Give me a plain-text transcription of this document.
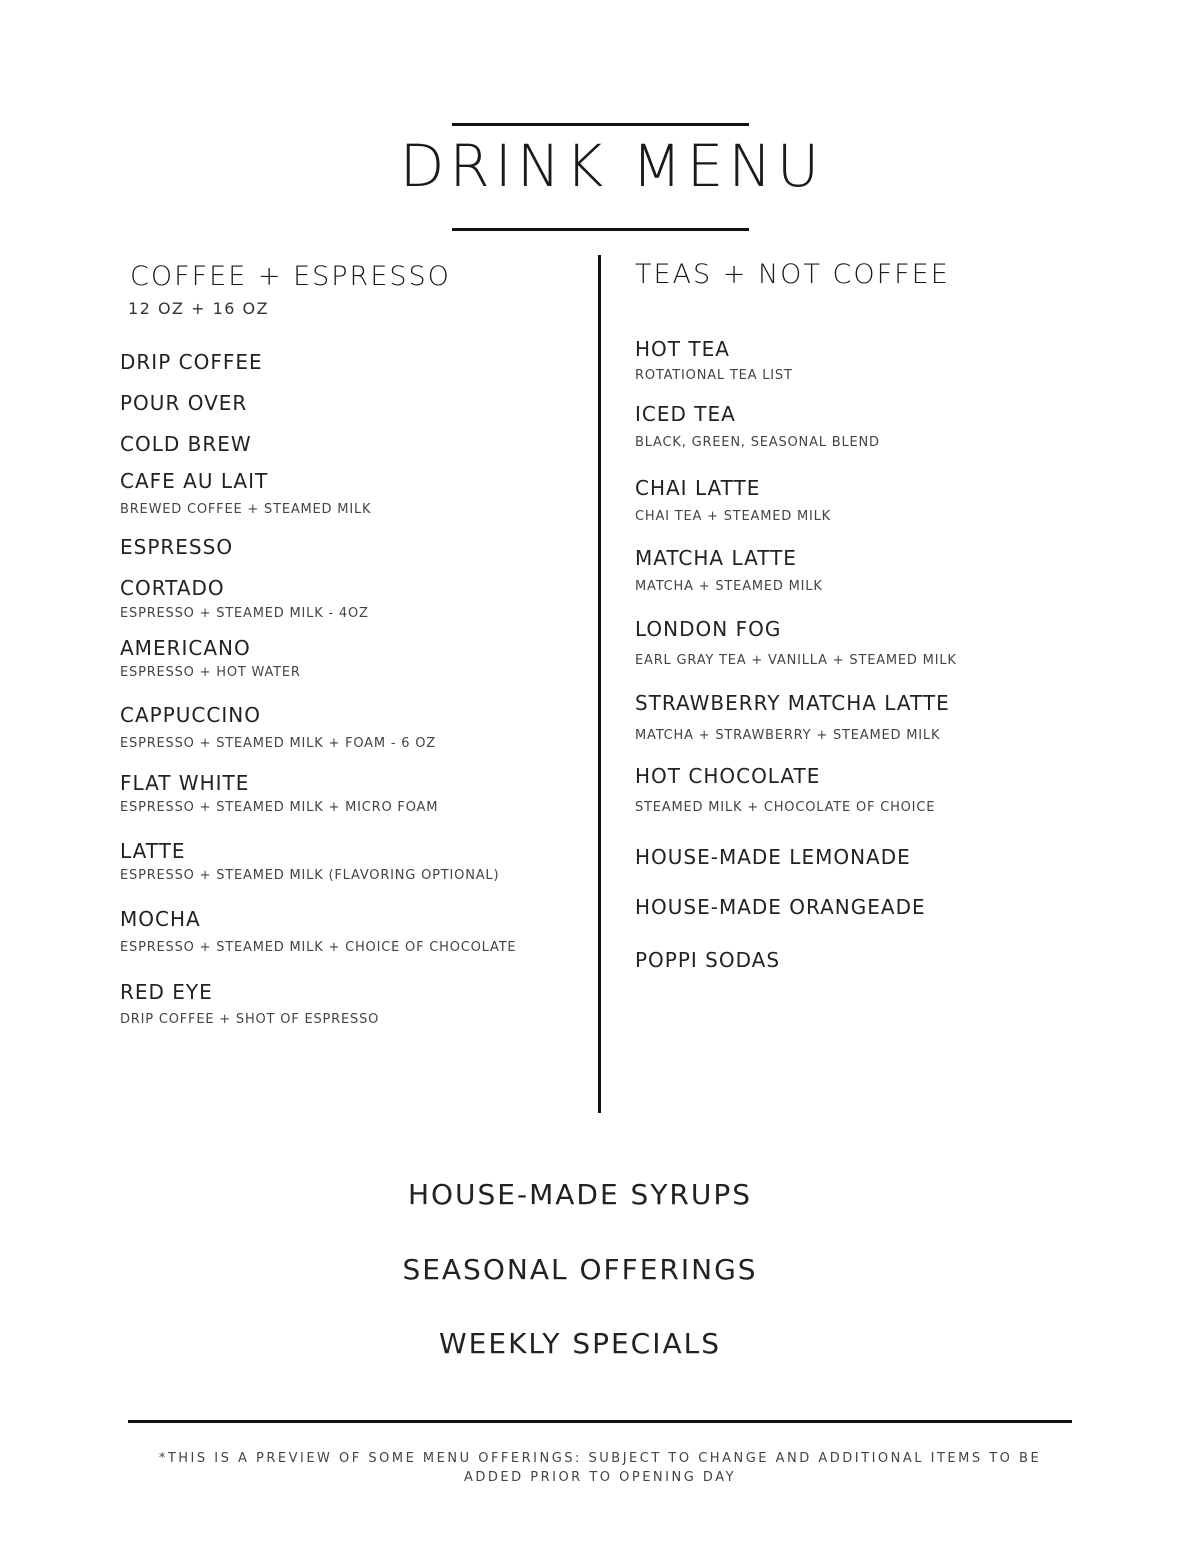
DRINK MENU
COFFEE + ESPRESSO
12 OZ + 16 OZ
DRIP COFFEE
POUR OVER
COLD BREW
CAFE AU LAIT
BREWED COFFEE + STEAMED MILK
ESPRESSO
CORTADO
ESPRESSO + STEAMED MILK - 4OZ
AMERICANO
ESPRESSO + HOT WATER
CAPPUCCINO
ESPRESSO + STEAMED MILK + FOAM - 6 OZ
FLAT WHITE
ESPRESSO + STEAMED MILK + MICRO FOAM
LATTE
ESPRESSO + STEAMED MILK (FLAVORING OPTIONAL)
MOCHA
ESPRESSO + STEAMED MILK + CHOICE OF CHOCOLATE
RED EYE
DRIP COFFEE + SHOT OF ESPRESSO
TEAS + NOT COFFEE
HOT TEA
ROTATIONAL TEA LIST
ICED TEA
BLACK, GREEN, SEASONAL BLEND
CHAI LATTE
CHAI TEA + STEAMED MILK
MATCHA LATTE
MATCHA + STEAMED MILK
LONDON FOG
EARL GRAY TEA + VANILLA + STEAMED MILK
STRAWBERRY MATCHA LATTE
MATCHA + STRAWBERRY + STEAMED MILK
HOT CHOCOLATE
STEAMED MILK + CHOCOLATE OF CHOICE
HOUSE-MADE LEMONADE
HOUSE-MADE ORANGEADE
POPPI SODAS
HOUSE-MADE SYRUPS
SEASONAL OFFERINGS
WEEKLY SPECIALS
*THIS IS A PREVIEW OF SOME MENU OFFERINGS: SUBJECT TO CHANGE AND ADDITIONAL ITEMS TO BE ADDED PRIOR TO OPENING DAY
